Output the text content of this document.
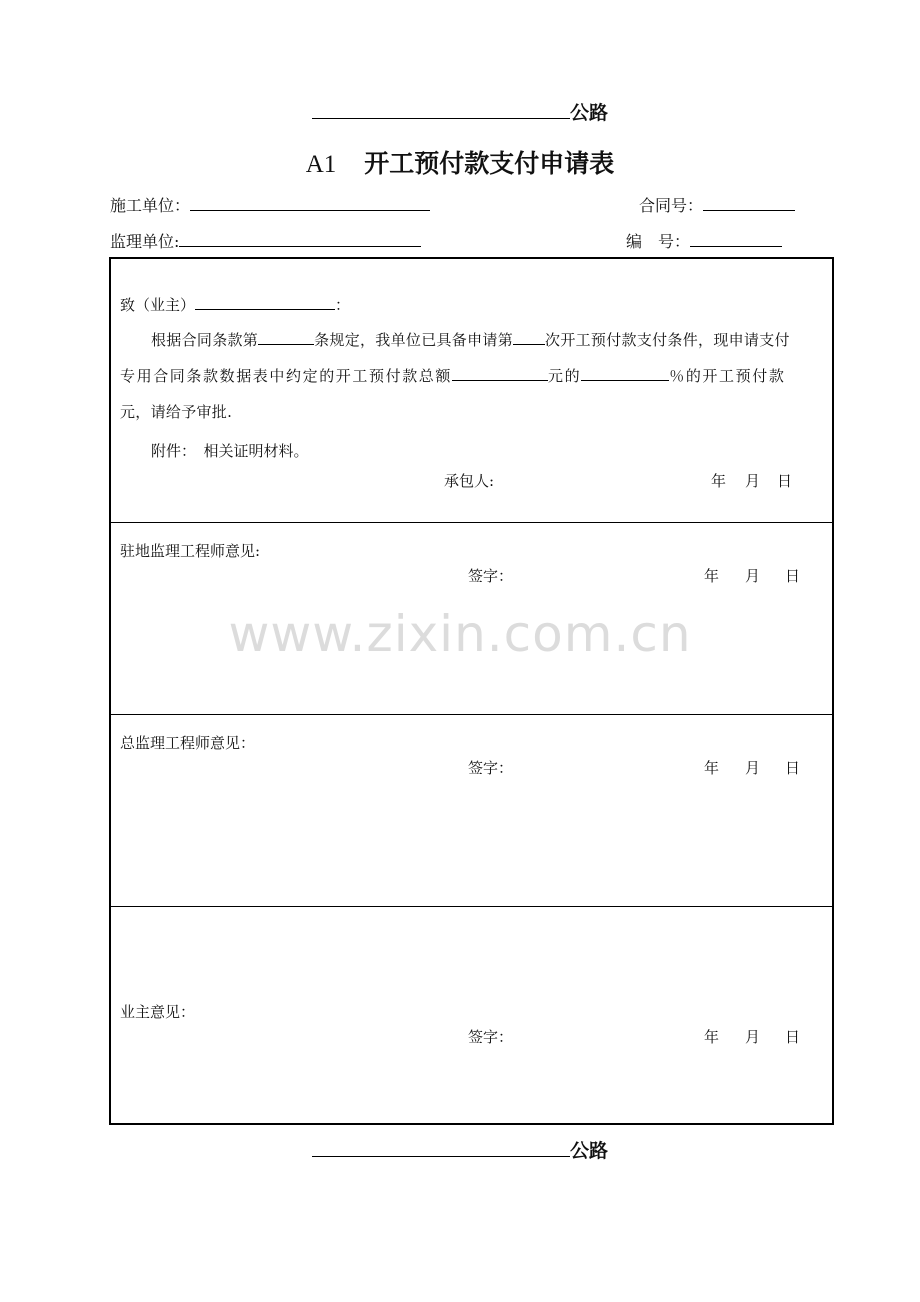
公路
A1 开工预付款支付申请表
施工单位：	合同号：
监理单位:	编　号：
致（业主）	：
根据合同条款第	条规定，我单位已具备申请第 次开工预付款支付条件，现申请支付
专用合同条款数据表中约定的开工预付款总额	元的	％的开工预付款
元，请给予审批.
附件：　相关证明材料。
承包人:	年 月 日
驻地监理工程师意见:
签字：	年 月 日
总监理工程师意见：
签字：	年 月 日
业主意见：
签字：	年 月 日
www.zixin.com.cn
公路
